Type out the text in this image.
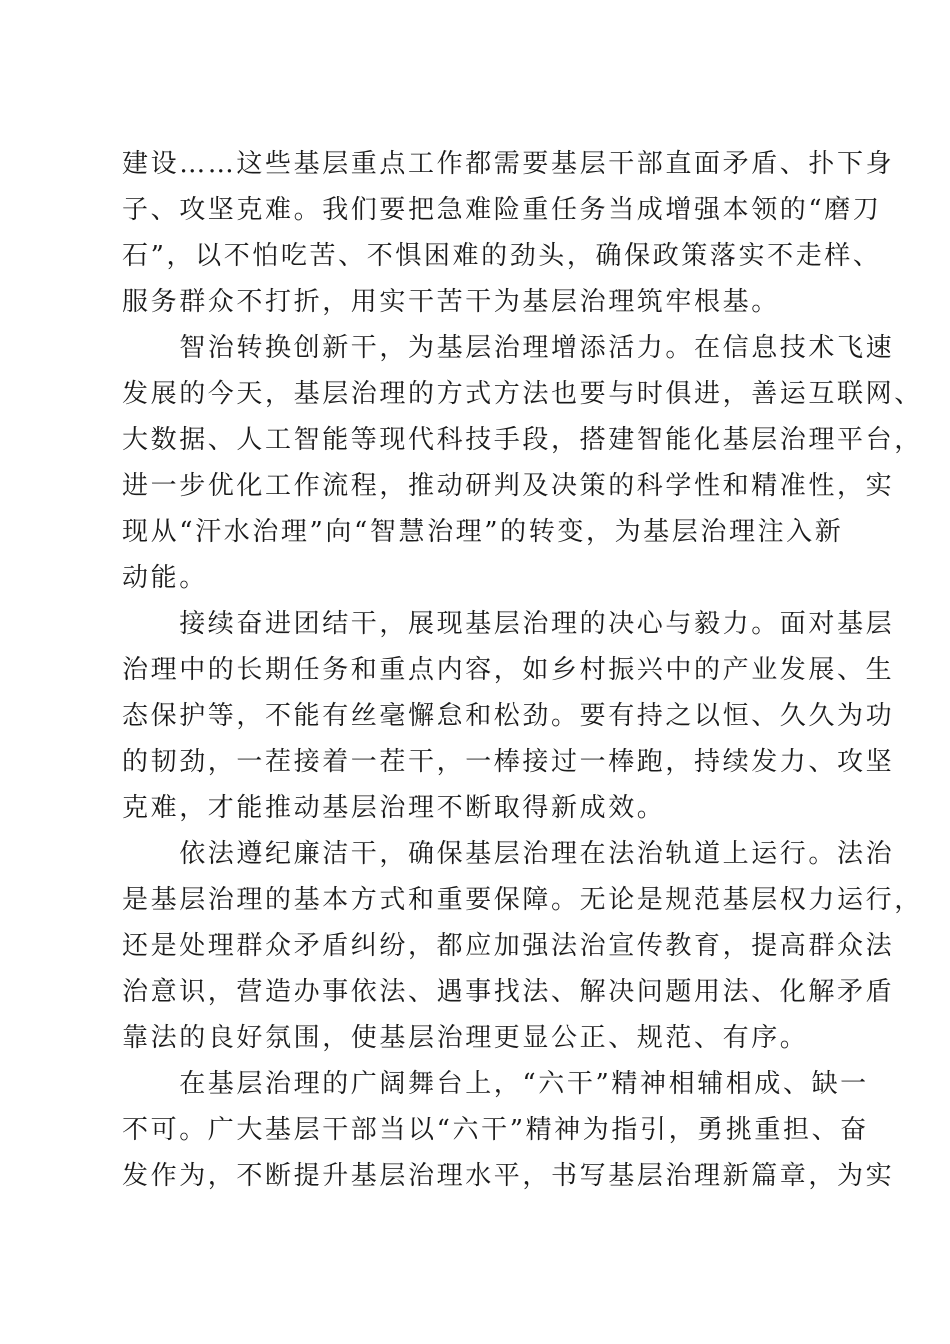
建设……这些基层重点工作都需要基层干部直面矛盾、扑下身
子、攻坚克难。我们要把急难险重任务当成增强本领的“磨刀
石”，以不怕吃苦、不惧困难的劲头，确保政策落实不走样、
服务群众不打折，用实干苦干为基层治理筑牢根基。

　　智治转换创新干，为基层治理增添活力。在信息技术飞速
发展的今天，基层治理的方式方法也要与时俱进，善运互联网、
大数据、人工智能等现代科技手段，搭建智能化基层治理平台，
进一步优化工作流程，推动研判及决策的科学性和精准性，实
现从“汗水治理”向“智慧治理”的转变，为基层治理注入新
动能。

　　接续奋进团结干，展现基层治理的决心与毅力。面对基层
治理中的长期任务和重点内容，如乡村振兴中的产业发展、生
态保护等，不能有丝毫懈怠和松劲。要有持之以恒、久久为功
的韧劲，一茬接着一茬干，一棒接过一棒跑，持续发力、攻坚
克难，才能推动基层治理不断取得新成效。

　　依法遵纪廉洁干，确保基层治理在法治轨道上运行。法治
是基层治理的基本方式和重要保障。无论是规范基层权力运行，
还是处理群众矛盾纠纷，都应加强法治宣传教育，提高群众法
治意识，营造办事依法、遇事找法、解决问题用法、化解矛盾
靠法的良好氛围，使基层治理更显公正、规范、有序。

　　在基层治理的广阔舞台上，“六干”精神相辅相成、缺一
不可。广大基层干部当以“六干”精神为指引，勇挑重担、奋
发作为，不断提升基层治理水平，书写基层治理新篇章，为实
